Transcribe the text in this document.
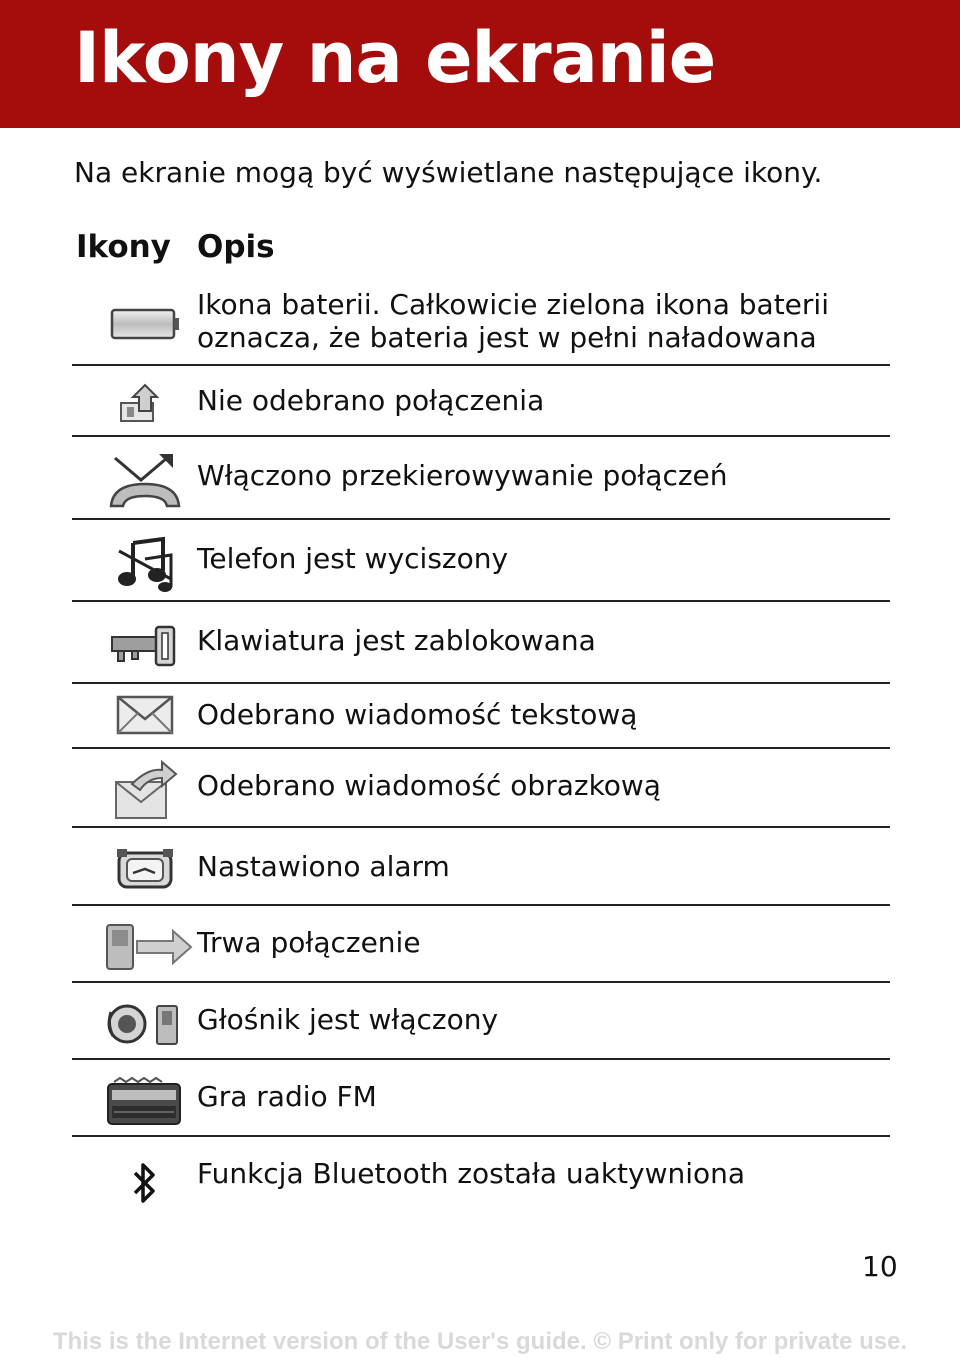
Ikony na ekranie
Na ekranie mogą być wyświetlane następujące ikony.
Ikony Opis
Ikona baterii. Całkowicie zielona ikona baterii
oznacza, że bateria jest w pełni naładowana
Nie odebrano połączenia
Włączono przekierowywanie połączeń
Telefon jest wyciszony
Klawiatura jest zablokowana
Odebrano wiadomość tekstową
Odebrano wiadomość obrazkową
Nastawiono alarm
Trwa połączenie
Głośnik jest włączony
Gra radio FM
Funkcja Bluetooth została uaktywniona
10
This is the Internet version of the User's guide. © Print only for private use.
